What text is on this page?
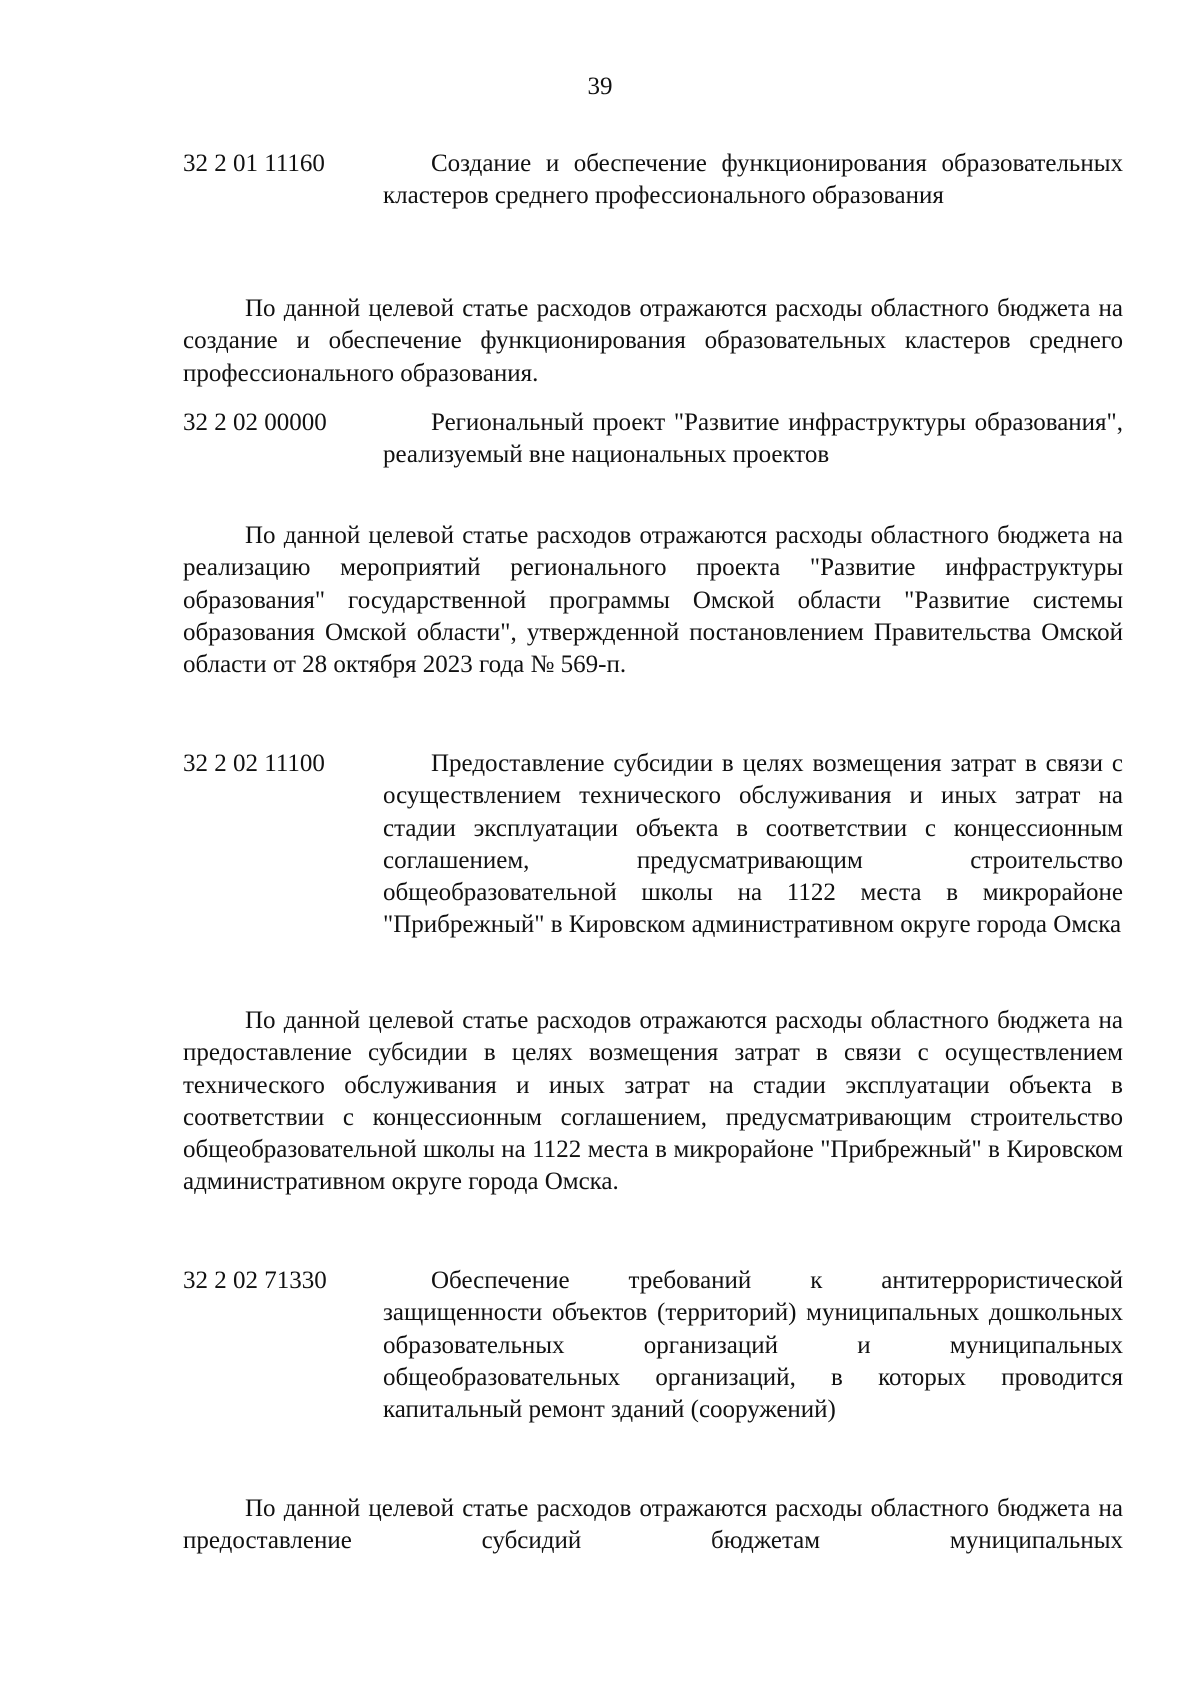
39
32 2 01 11160	Создание и обеспечение функционирования образовательных кластеров среднего профессионального образования
По данной целевой статье расходов отражаются расходы областного бюджета на создание и обеспечение функционирования образовательных кластеров среднего профессионального образования.
32 2 02 00000	Региональный проект "Развитие инфраструктуры образования", реализуемый вне национальных проектов
По данной целевой статье расходов отражаются расходы областного бюджета на реализацию мероприятий регионального проекта "Развитие инфраструктуры образования" государственной программы Омской области "Развитие системы образования Омской области", утвержденной постановлением Правительства Омской области от 28 октября 2023 года № 569-п.
32 2 02 11100	Предоставление субсидии в целях возмещения затрат в связи с осуществлением технического обслуживания и иных затрат на стадии эксплуатации объекта в соответствии с концессионным соглашением, предусматривающим строительство общеобразовательной школы на 1122 места в микрорайоне "Прибрежный" в Кировском административном округе города Омска
По данной целевой статье расходов отражаются расходы областного бюджета на предоставление субсидии в целях возмещения затрат в связи с осуществлением технического обслуживания и иных затрат на стадии эксплуатации объекта в соответствии с концессионным соглашением, предусматривающим строительство общеобразовательной школы на 1122 места в микрорайоне "Прибрежный" в Кировском административном округе города Омска.
32 2 02 71330	Обеспечение требований к антитеррористической защищенности объектов (территорий) муниципальных дошкольных образовательных организаций и муниципальных общеобразовательных организаций, в которых проводится капитальный ремонт зданий (сооружений)
По данной целевой статье расходов отражаются расходы областного бюджета на предоставление субсидий бюджетам муниципальных
